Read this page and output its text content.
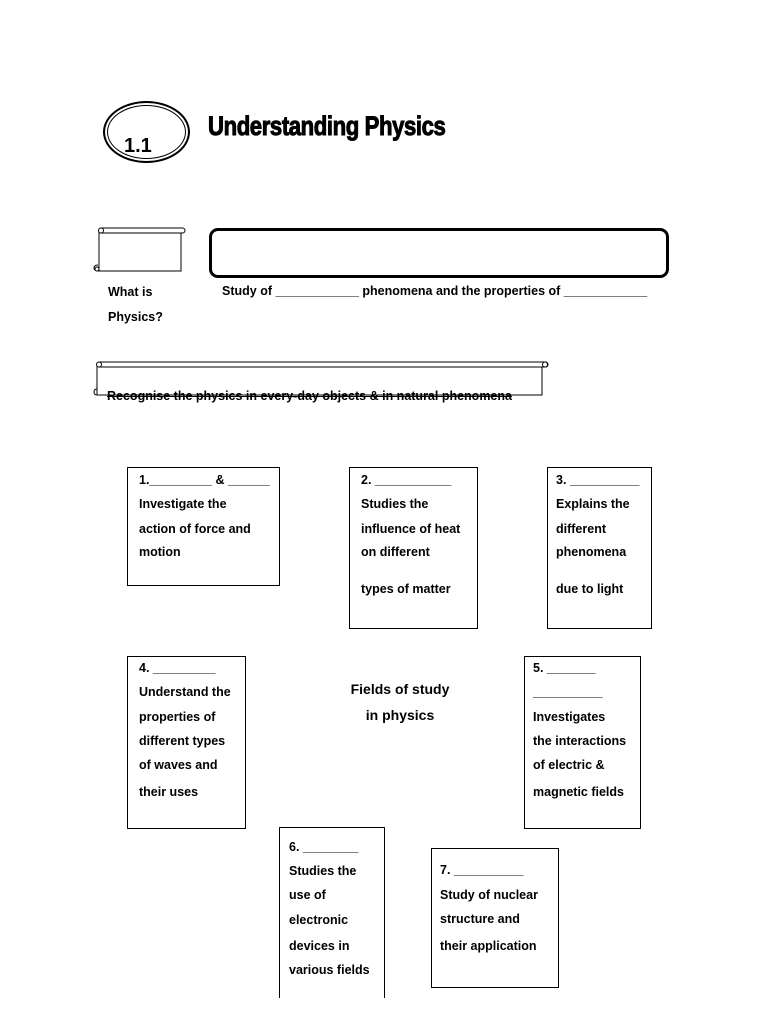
1.1
Understanding Physics
What is
Physics?
Study of ____________ phenomena and the properties of ____________
Recognise the physics in every-day objects & in natural phenomena
1._________ & ______
Investigate the
action of force and
motion
2. ___________
Studies the
influence of heat
on different
types of matter
3. __________
Explains the
different
phenomena
due to light
4. _________
Understand the
properties of
different types
of waves and
their uses
Fields of study
in physics
5. _______
__________
Investigates
the interactions
of electric &
magnetic fields
6. ________
Studies the
use of
electronic
devices in
various fields
7. __________
Study of nuclear
structure and
their application
